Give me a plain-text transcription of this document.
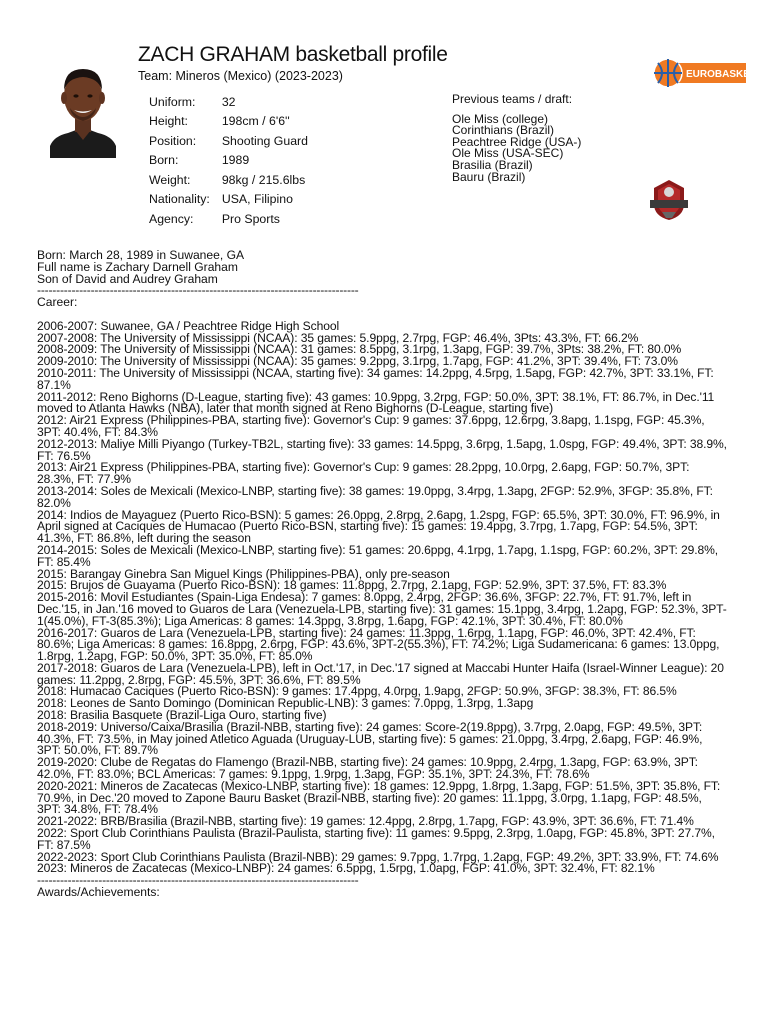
ZACH GRAHAM basketball profile
Team: Mineros (Mexico) (2023-2023)	EUROBASKET
Uniform:	32
Height:	198cm / 6'6''
Position:	Shooting Guard
Born:	1989
Weight:	98kg / 215.6lbs
Nationality:	USA, Filipino
Agency:	Pro Sports
Previous teams / draft:
Ole Miss (college)
Corinthians (Brazil)
Peachtree Ridge (USA-)
Ole Miss (USA-SEC)
Brasilia (Brazil)
Bauru (Brazil)
Born: March 28, 1989 in Suwanee, GA
Full name is Zachary Darnell Graham
Son of David and Audrey Graham
------------------------------------------------------------------------------------
Career:
2006-2007: Suwanee, GA / Peachtree Ridge High School
2007-2008: The University of Mississippi (NCAA): 35 games: 5.9ppg, 2.7rpg, FGP: 46.4%, 3Pts: 43.3%, FT: 66.2%
2008-2009: The University of Mississippi (NCAA): 31 games: 8.5ppg, 3.1rpg, 1.3apg, FGP: 39.7%, 3Pts: 38.2%, FT: 80.0%
2009-2010: The University of Mississippi (NCAA): 35 games: 9.2ppg, 3.1rpg, 1.7apg, FGP: 41.2%, 3PT: 39.4%, FT: 73.0%
2010-2011: The University of Mississippi (NCAA, starting five): 34 games: 14.2ppg, 4.5rpg, 1.5apg, FGP: 42.7%, 3PT: 33.1%, FT: 87.1%
2011-2012: Reno Bighorns (D-League, starting five): 43 games: 10.9ppg, 3.2rpg, FGP: 50.0%, 3PT: 38.1%, FT: 86.7%, in Dec.'11 moved to Atlanta Hawks (NBA), later that month signed at Reno Bighorns (D-League, starting five)
2012: Air21 Express (Philippines-PBA, starting five): Governor's Cup: 9 games: 37.6ppg, 12.6rpg, 3.8apg, 1.1spg, FGP: 45.3%, 3PT: 40.4%, FT: 84.3%
2012-2013: Maliye Milli Piyango (Turkey-TB2L, starting five): 33 games: 14.5ppg, 3.6rpg, 1.5apg, 1.0spg, FGP: 49.4%, 3PT: 38.9%, FT: 76.5%
2013: Air21 Express (Philippines-PBA, starting five): Governor's Cup: 9 games: 28.2ppg, 10.0rpg, 2.6apg, FGP: 50.7%, 3PT: 28.3%, FT: 77.9%
2013-2014: Soles de Mexicali (Mexico-LNBP, starting five): 38 games: 19.0ppg, 3.4rpg, 1.3apg, 2FGP: 52.9%, 3FGP: 35.8%, FT: 82.0%
2014: Indios de Mayaguez (Puerto Rico-BSN): 5 games: 26.0ppg, 2.8rpg, 2.6apg, 1.2spg, FGP: 65.5%, 3PT: 30.0%, FT: 96.9%, in April signed at Caciques de Humacao (Puerto Rico-BSN, starting five): 15 games: 19.4ppg, 3.7rpg, 1.7apg, FGP: 54.5%, 3PT: 41.3%, FT: 86.8%, left during the season
2014-2015: Soles de Mexicali (Mexico-LNBP, starting five): 51 games: 20.6ppg, 4.1rpg, 1.7apg, 1.1spg, FGP: 60.2%, 3PT: 29.8%, FT: 85.4%
2015: Barangay Ginebra San Miguel Kings (Philippines-PBA), only pre-season
2015: Brujos de Guayama (Puerto Rico-BSN): 18 games: 11.8ppg, 2.7rpg, 2.1apg, FGP: 52.9%, 3PT: 37.5%, FT: 83.3%
2015-2016: Movil Estudiantes (Spain-Liga Endesa): 7 games: 8.0ppg, 2.4rpg, 2FGP: 36.6%, 3FGP: 22.7%, FT: 91.7%, left in Dec.'15, in Jan.'16 moved to Guaros de Lara (Venezuela-LPB, starting five): 31 games: 15.1ppg, 3.4rpg, 1.2apg, FGP: 52.3%, 3PT-1(45.0%), FT-3(85.3%); Liga Americas: 8 games: 14.3ppg, 3.8rpg, 1.6apg, FGP: 42.1%, 3PT: 30.4%, FT: 80.0%
2016-2017: Guaros de Lara (Venezuela-LPB, starting five): 24 games: 11.3ppg, 1.6rpg, 1.1apg, FGP: 46.0%, 3PT: 42.4%, FT: 80.6%; Liga Americas: 8 games: 16.8ppg, 2.6rpg, FGP: 43.6%, 3PT-2(55.3%), FT: 74.2%; Liga Sudamericana: 6 games: 13.0ppg, 1.8rpg, 1.2apg, FGP: 50.0%, 3PT: 35.0%, FT: 85.0%
2017-2018: Guaros de Lara (Venezuela-LPB), left in Oct.'17, in Dec.'17 signed at Maccabi Hunter Haifa (Israel-Winner League): 20 games: 11.2ppg, 2.8rpg, FGP: 45.5%, 3PT: 36.6%, FT: 89.5%
2018: Humacao Caciques (Puerto Rico-BSN): 9 games: 17.4ppg, 4.0rpg, 1.9apg, 2FGP: 50.9%, 3FGP: 38.3%, FT: 86.5%
2018: Leones de Santo Domingo (Dominican Republic-LNB): 3 games: 7.0ppg, 1.3rpg, 1.3apg
2018: Brasilia Basquete (Brazil-Liga Ouro, starting five)
2018-2019: Universo/Caixa/Brasilia (Brazil-NBB, starting five): 24 games: Score-2(19.8ppg), 3.7rpg, 2.0apg, FGP: 49.5%, 3PT: 40.3%, FT: 73.5%, in May joined Atletico Aguada (Uruguay-LUB, starting five): 5 games: 21.0ppg, 3.4rpg, 2.6apg, FGP: 46.9%, 3PT: 50.0%, FT: 89.7%
2019-2020: Clube de Regatas do Flamengo (Brazil-NBB, starting five): 24 games: 10.9ppg, 2.4rpg, 1.3apg, FGP: 63.9%, 3PT: 42.0%, FT: 83.0%; BCL Americas: 7 games: 9.1ppg, 1.9rpg, 1.3apg, FGP: 35.1%, 3PT: 24.3%, FT: 78.6%
2020-2021: Mineros de Zacatecas (Mexico-LNBP, starting five): 18 games: 12.9ppg, 1.8rpg, 1.3apg, FGP: 51.5%, 3PT: 35.8%, FT: 70.9%, in Dec.'20 moved to Zapone Bauru Basket (Brazil-NBB, starting five): 20 games: 11.1ppg, 3.0rpg, 1.1apg, FGP: 48.5%, 3PT: 34.8%, FT: 78.4%
2021-2022: BRB/Brasilia (Brazil-NBB, starting five): 19 games: 12.4ppg, 2.8rpg, 1.7apg, FGP: 43.9%, 3PT: 36.6%, FT: 71.4%
2022: Sport Club Corinthians Paulista (Brazil-Paulista, starting five): 11 games: 9.5ppg, 2.3rpg, 1.0apg, FGP: 45.8%, 3PT: 27.7%, FT: 87.5%
2022-2023: Sport Club Corinthians Paulista (Brazil-NBB): 29 games: 9.7ppg, 1.7rpg, 1.2apg, FGP: 49.2%, 3PT: 33.9%, FT: 74.6%
2023: Mineros de Zacatecas (Mexico-LNBP): 24 games: 6.5ppg, 1.5rpg, 1.0apg, FGP: 41.0%, 3PT: 32.4%, FT: 82.1%
------------------------------------------------------------------------------------
Awards/Achievements:
